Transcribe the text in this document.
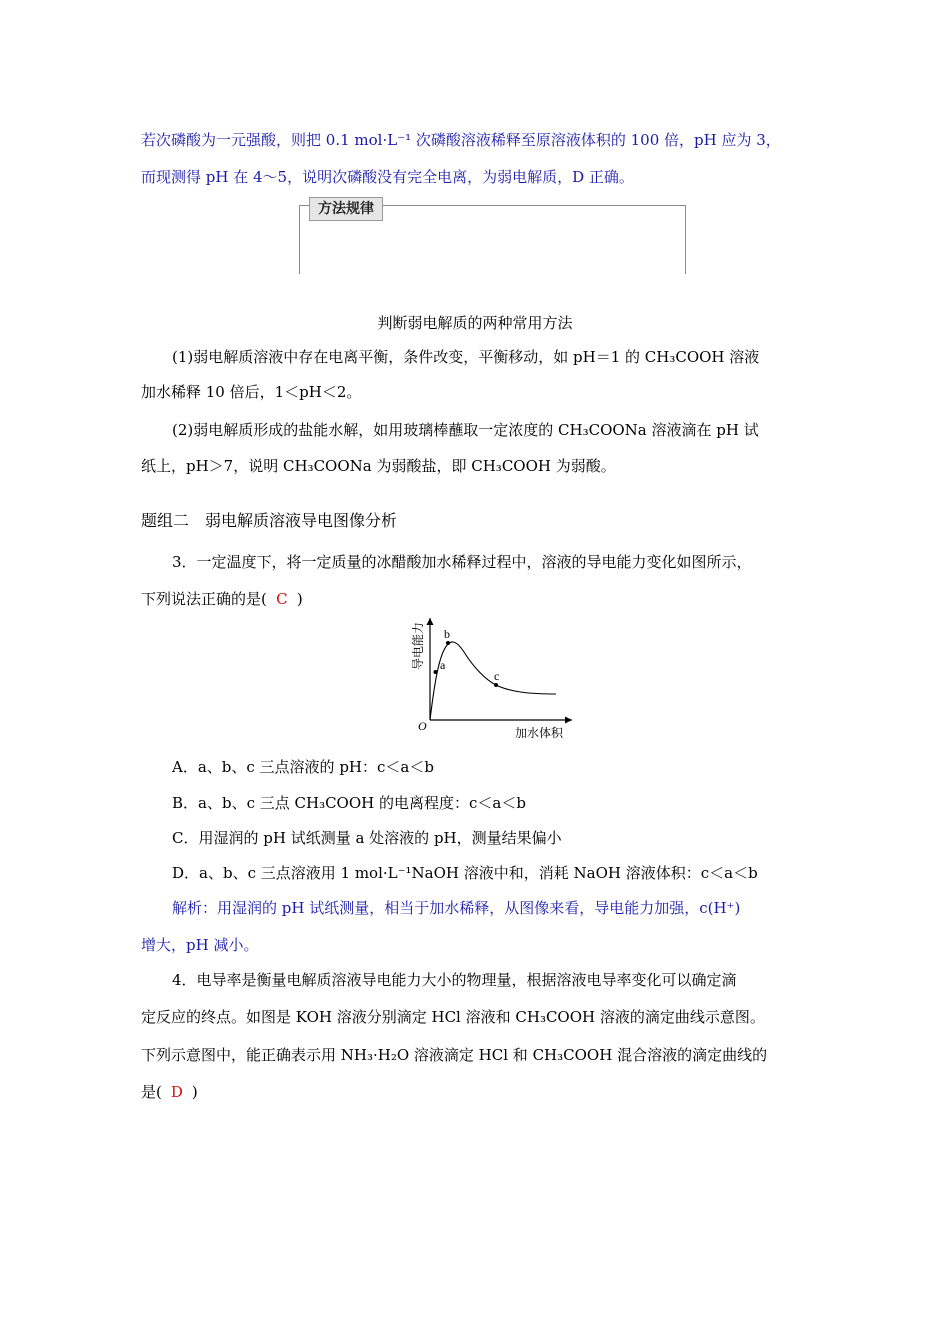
若次磷酸为一元强酸，则把 0.1 mol·L⁻¹ 次磷酸溶液稀释至原溶液体积的 100 倍，pH 应为 3，
而现测得 pH 在 4～5，说明次磷酸没有完全电离，为弱电解质，D 正确。
方法规律
判断弱电解质的两种常用方法
(1)弱电解质溶液中存在电离平衡，条件改变，平衡移动，如 pH＝1 的 CH₃COOH 溶液
加水稀释 10 倍后，1＜pH＜2。
(2)弱电解质形成的盐能水解，如用玻璃棒蘸取一定浓度的 CH₃COONa 溶液滴在 pH 试
纸上，pH＞7，说明 CH₃COONa 为弱酸盐，即 CH₃COOH 为弱酸。
题组二　弱电解质溶液导电图像分析
3．一定温度下，将一定质量的冰醋酸加水稀释过程中，溶液的导电能力变化如图所示，
下列说法正确的是( C )
a
b
c
O	加水体积
导电能力
A．a、b、c 三点溶液的 pH：c＜a＜b
B．a、b、c 三点 CH₃COOH 的电离程度：c＜a＜b
C．用湿润的 pH 试纸测量 a 处溶液的 pH，测量结果偏小
D．a、b、c 三点溶液用 1 mol·L⁻¹NaOH 溶液中和，消耗 NaOH 溶液体积：c＜a＜b
解析：用湿润的 pH 试纸测量，相当于加水稀释，从图像来看，导电能力加强，c(H⁺)
增大，pH 减小。
4．电导率是衡量电解质溶液导电能力大小的物理量，根据溶液电导率变化可以确定滴
定反应的终点。如图是 KOH 溶液分别滴定 HCl 溶液和 CH₃COOH 溶液的滴定曲线示意图。
下列示意图中，能正确表示用 NH₃·H₂O 溶液滴定 HCl 和 CH₃COOH 混合溶液的滴定曲线的
是( D )
